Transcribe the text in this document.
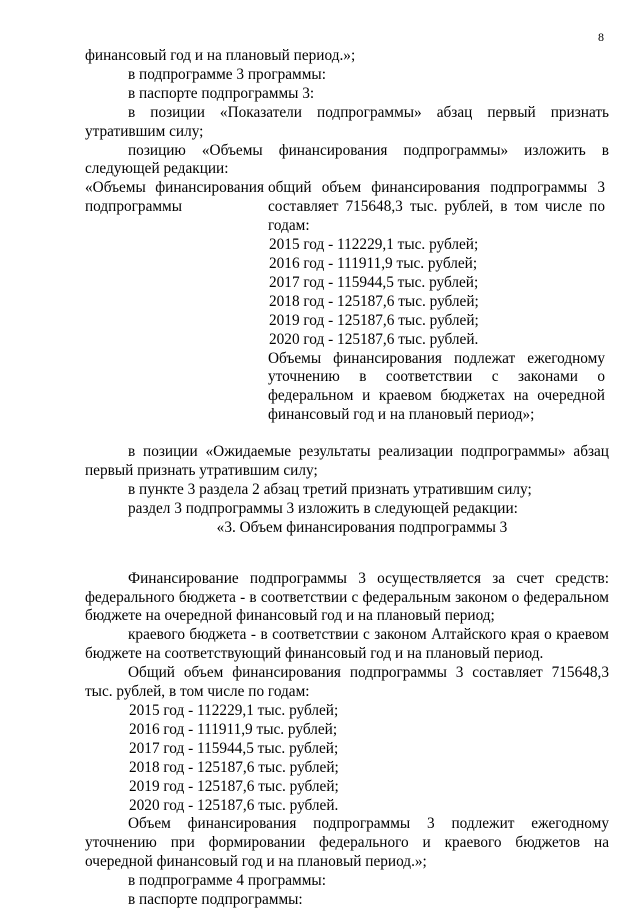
8

финансовый год и на плановый период.»;

в подпрограмме 3 программы:

в паспорте подпрограммы 3:

в позиции «Показатели подпрограммы» абзац первый признать утратившим силу;

позицию «Объемы финансирования подпрограммы» изложить в следующей редакции:

«Объемы финансирования подпрограммы

общий объем финансирования подпрограммы 3 составляет 715648,3 тыс. рублей, в том числе по годам:

2015 год - 112229,1 тыс. рублей;

2016 год - 111911,9 тыс. рублей;

2017 год - 115944,5 тыс. рублей;

2018 год - 125187,6 тыс. рублей;

2019 год - 125187,6 тыс. рублей;

2020 год - 125187,6 тыс. рублей.

Объемы финансирования подлежат ежегодному уточнению в соответствии с законами о федеральном и краевом бюджетах на очередной финансовый год и на плановый период»;

в позиции «Ожидаемые результаты реализации подпрограммы» абзац первый признать утратившим силу;

в пункте 3 раздела 2 абзац третий признать утратившим силу;

раздел 3 подпрограммы 3 изложить в следующей редакции:

«3. Объем финансирования подпрограммы 3

Финансирование подпрограммы 3 осуществляется за счет средств: федерального бюджета - в соответствии с федеральным законом о федеральном бюджете на очередной финансовый год и на плановый период;

краевого бюджета - в соответствии с законом Алтайского края о краевом бюджете на соответствующий финансовый год и на плановый период.

Общий объем финансирования подпрограммы 3 составляет 715648,3 тыс. рублей, в том числе по годам:

2015 год - 112229,1 тыс. рублей;

2016 год - 111911,9 тыс. рублей;

2017 год - 115944,5 тыс. рублей;

2018 год - 125187,6 тыс. рублей;

2019 год - 125187,6 тыс. рублей;

2020 год - 125187,6 тыс. рублей.

Объем финансирования подпрограммы 3 подлежит ежегодному уточнению при формировании федерального и краевого бюджетов на очередной финансовый год и на плановый период.»;

в подпрограмме 4 программы:

в паспорте подпрограммы:
